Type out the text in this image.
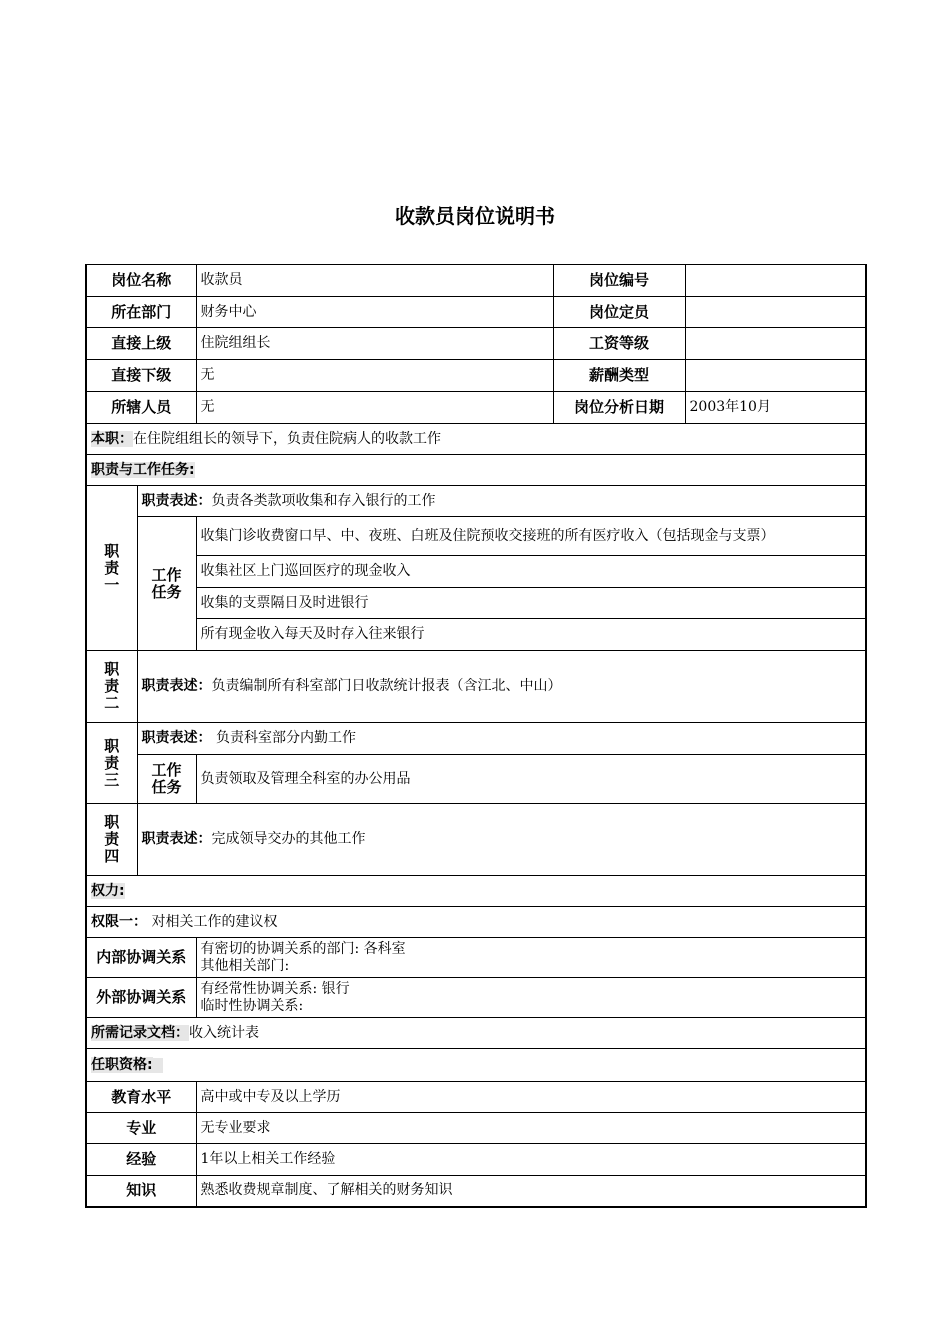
收款员岗位说明书
岗位名称		收款员	岗位编号	
所在部门		财务中心	岗位定员	
直接上级		住院组组长	工资等级	
直接下级		无	薪酬类型	
所辖人员		无	岗位分析日期	2003年10月
本职：在住院组组长的领导下，负责住院病人的收款工作				
职责与工作任务:				

职
责
一	职责表述：负责各类款项收集和存入银行的工作			

	工作
任务	收集门诊收费窗口早、中、夜班、白班及住院预收交接班的所有医疗收入（包括现金与支票）		
		收集社区上门巡回医疗的现金收入		
		收集的支票隔日及时进银行		
		所有现金收入每天及时存入往来银行		

职
责
二	职责表述：负责编制所有科室部门日收款统计报表（含江北、中山）			

职
责
三	职责表述： 负责科室部分内勤工作			

	工作
任务	负责领取及管理全科室的办公用品		

职
责
四	职责表述：完成领导交办的其他工作			
权力:				
权限一： 对相关工作的建议权				
内部协调关系		有密切的协调关系的部门: 各科室
其他相关部门:		

外部协调关系		有经常性协调关系: 银行
临时性协调关系:		

所需记录文档：收入统计表				
任职资格:				
教育水平		高中或中专及以上学历		
专业		无专业要求		
经验		1年以上相关工作经验		
知识		熟悉收费规章制度、了解相关的财务知识		
